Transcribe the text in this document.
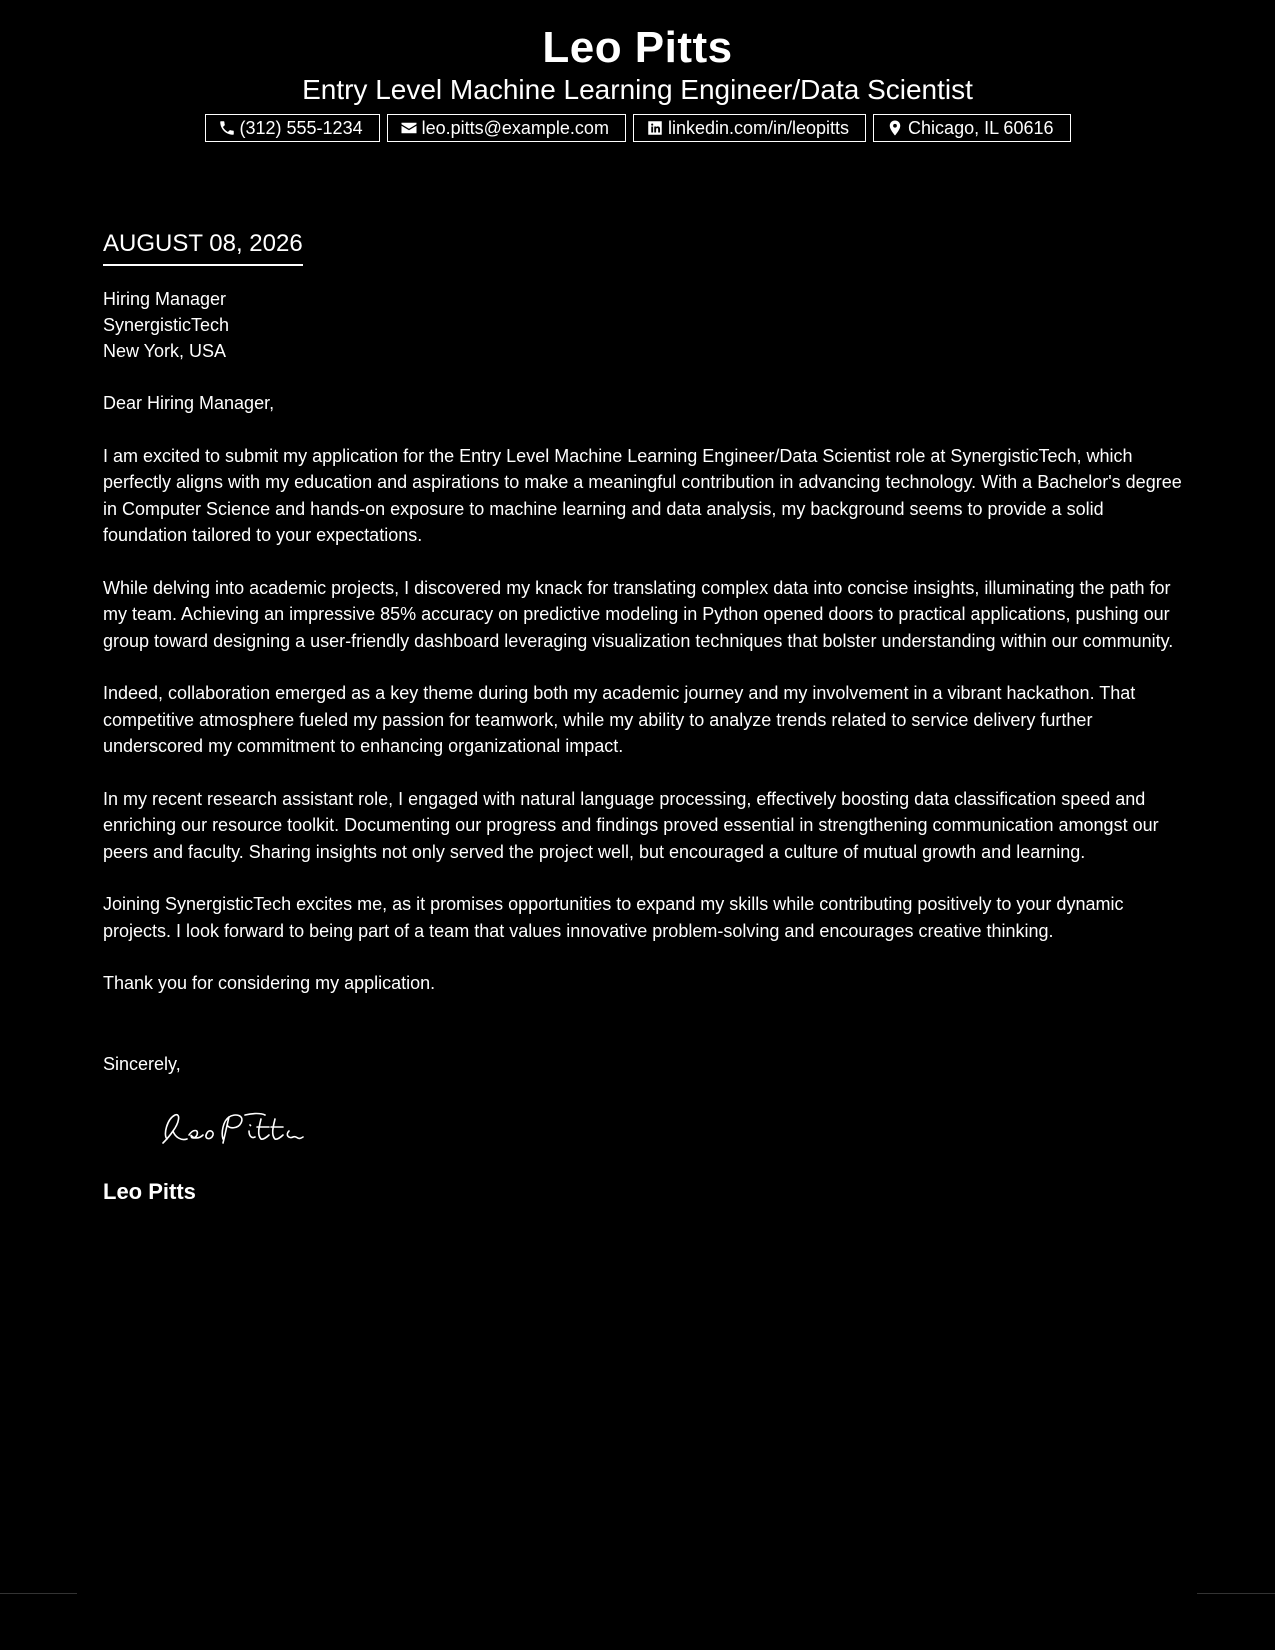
Leo Pitts
Entry Level Machine Learning Engineer/Data Scientist
(312) 555-1234	leo.pitts@example.com	linkedin.com/in/leopitts	Chicago, IL 60616
AUGUST 08, 2026
Hiring Manager
SynergisticTech
New York, USA
Dear Hiring Manager,

I am excited to submit my application for the Entry Level Machine Learning Engineer/Data Scientist role at SynergisticTech, which perfectly aligns with my education and aspirations to make a meaningful contribution in advancing technology. With a Bachelor's degree in Computer Science and hands-on exposure to machine learning and data analysis, my background seems to provide a solid foundation tailored to your expectations.

While delving into academic projects, I discovered my knack for translating complex data into concise insights, illuminating the path for my team. Achieving an impressive 85% accuracy on predictive modeling in Python opened doors to practical applications, pushing our group toward designing a user-friendly dashboard leveraging visualization techniques that bolster understanding within our community.

Indeed, collaboration emerged as a key theme during both my academic journey and my involvement in a vibrant hackathon. That competitive atmosphere fueled my passion for teamwork, while my ability to analyze trends related to service delivery further underscored my commitment to enhancing organizational impact.

In my recent research assistant role, I engaged with natural language processing, effectively boosting data classification speed and enriching our resource toolkit. Documenting our progress and findings proved essential in strengthening communication amongst our peers and faculty. Sharing insights not only served the project well, but encouraged a culture of mutual growth and learning.

Joining SynergisticTech excites me, as it promises opportunities to expand my skills while contributing positively to your dynamic projects. I look forward to being part of a team that values innovative problem-solving and encourages creative thinking.

Thank you for considering my application.

Sincerely,
Leo Pitts
